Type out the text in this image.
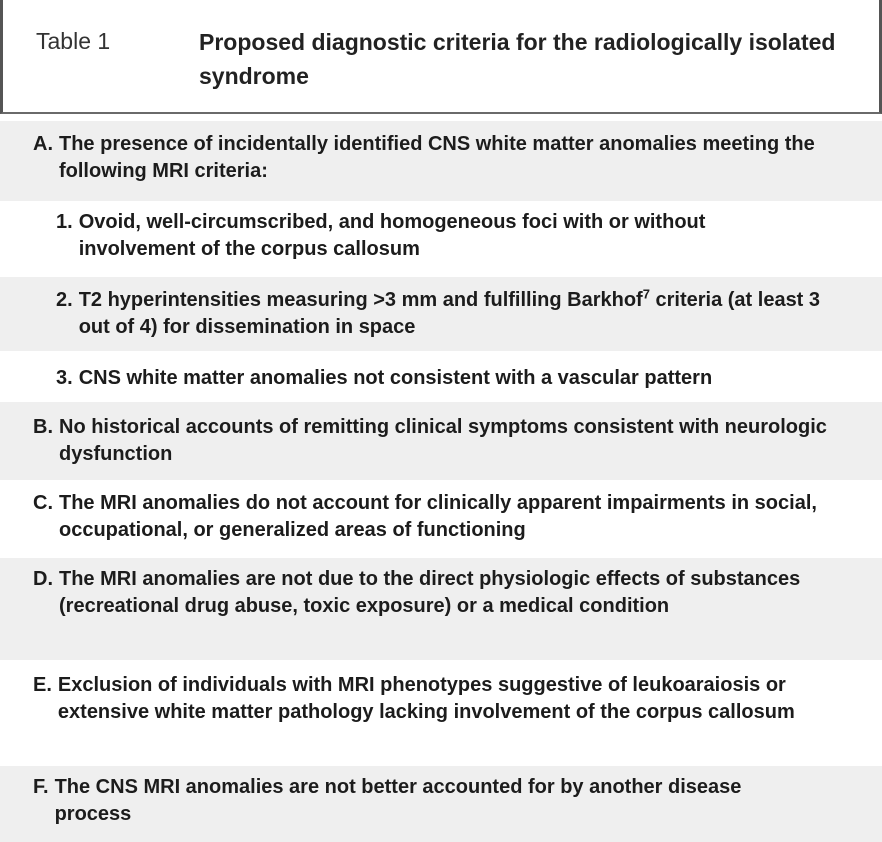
Table 1	Proposed diagnostic criteria for the radiologically isolated syndrome
A. The presence of incidentally identified CNS white matter anomalies meeting the following MRI criteria:
1. Ovoid, well-circumscribed, and homogeneous foci with or without involvement of the corpus callosum
2. T2 hyperintensities measuring >3 mm and fulfilling Barkhof$^7$ criteria (at least 3 out of 4) for dissemination in space
3. CNS white matter anomalies not consistent with a vascular pattern
B. No historical accounts of remitting clinical symptoms consistent with neurologic dysfunction
C. The MRI anomalies do not account for clinically apparent impairments in social, occupational, or generalized areas of functioning
D. The MRI anomalies are not due to the direct physiologic effects of substances (recreational drug abuse, toxic exposure) or a medical condition
E. Exclusion of individuals with MRI phenotypes suggestive of leukoaraiosis or extensive white matter pathology lacking involvement of the corpus callosum
F. The CNS MRI anomalies are not better accounted for by another disease process
